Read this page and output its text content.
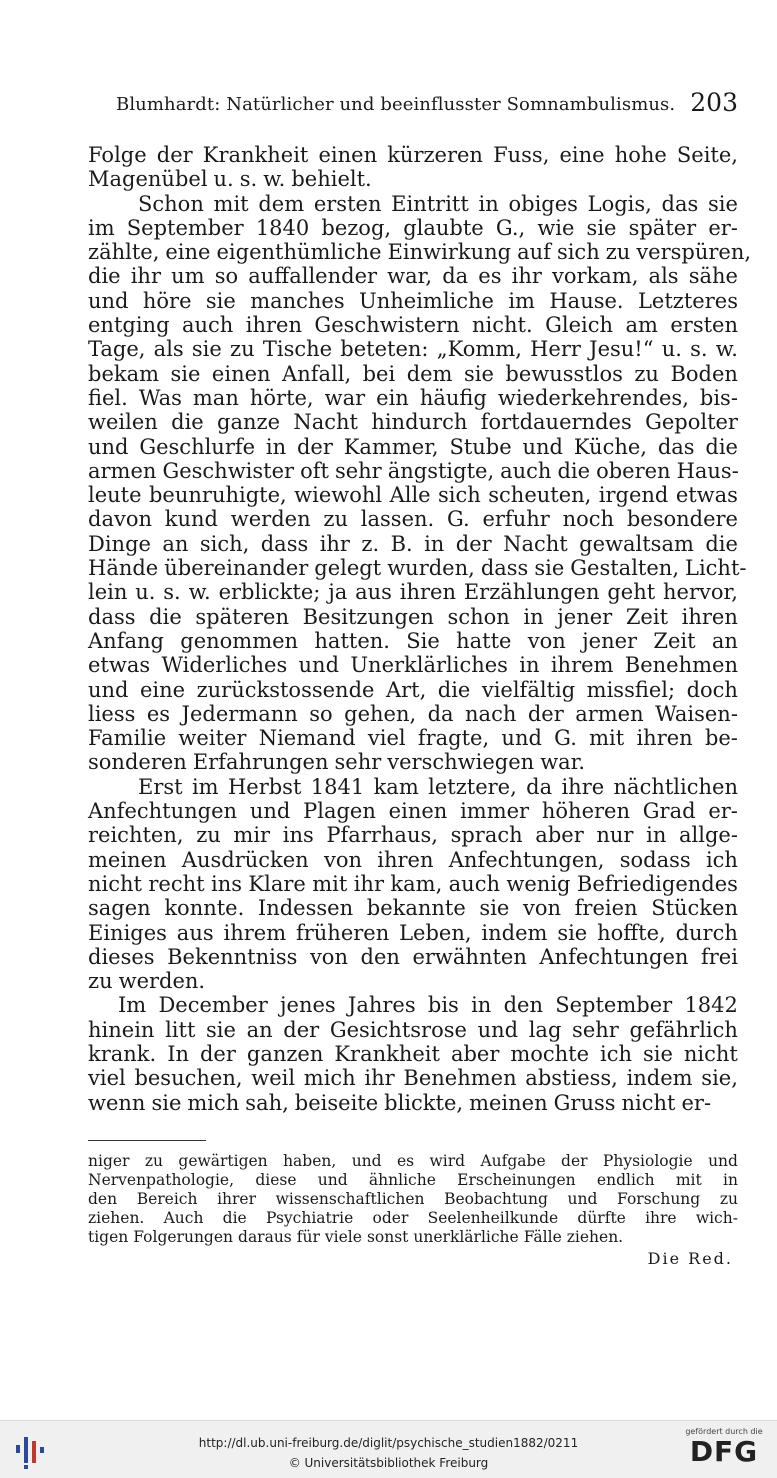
Blumhardt: Natürlicher und beeinflusster Somnambulismus. 203
Folge der Krankheit einen kürzeren Fuss, eine hohe Seite,
Magenübel u. s. w. behielt.
Schon mit dem ersten Eintritt in obiges Logis, das sie
im September 1840 bezog, glaubte G., wie sie später er-
zählte, eine eigenthümliche Einwirkung auf sich zu verspüren,
die ihr um so auffallender war, da es ihr vorkam, als sähe
und höre sie manches Unheimliche im Hause. Letzteres
entging auch ihren Geschwistern nicht. Gleich am ersten
Tage, als sie zu Tische beteten: „Komm, Herr Jesu!“ u. s. w.
bekam sie einen Anfall, bei dem sie bewusstlos zu Boden
fiel. Was man hörte, war ein häufig wiederkehrendes, bis-
weilen die ganze Nacht hindurch fortdauerndes Gepolter
und Geschlurfe in der Kammer, Stube und Küche, das die
armen Geschwister oft sehr ängstigte, auch die oberen Haus-
leute beunruhigte, wiewohl Alle sich scheuten, irgend etwas
davon kund werden zu lassen. G. erfuhr noch besondere
Dinge an sich, dass ihr z. B. in der Nacht gewaltsam die
Hände übereinander gelegt wurden, dass sie Gestalten, Licht-
lein u. s. w. erblickte; ja aus ihren Erzählungen geht hervor,
dass die späteren Besitzungen schon in jener Zeit ihren
Anfang genommen hatten. Sie hatte von jener Zeit an
etwas Widerliches und Unerklärliches in ihrem Benehmen
und eine zurückstossende Art, die vielfältig missfiel; doch
liess es Jedermann so gehen, da nach der armen Waisen-
Familie weiter Niemand viel fragte, und G. mit ihren be-
sonderen Erfahrungen sehr verschwiegen war.
Erst im Herbst 1841 kam letztere, da ihre nächtlichen
Anfechtungen und Plagen einen immer höheren Grad er-
reichten, zu mir ins Pfarrhaus, sprach aber nur in allge-
meinen Ausdrücken von ihren Anfechtungen, sodass ich
nicht recht ins Klare mit ihr kam, auch wenig Befriedigendes
sagen konnte. Indessen bekannte sie von freien Stücken
Einiges aus ihrem früheren Leben, indem sie hoffte, durch
dieses Bekenntniss von den erwähnten Anfechtungen frei
zu werden.
Im December jenes Jahres bis in den September 1842
hinein litt sie an der Gesichtsrose und lag sehr gefährlich
krank. In der ganzen Krankheit aber mochte ich sie nicht
viel besuchen, weil mich ihr Benehmen abstiess, indem sie,
wenn sie mich sah, beiseite blickte, meinen Gruss nicht er-
niger zu gewärtigen haben, und es wird Aufgabe der Physiologie und
Nervenpathologie, diese und ähnliche Erscheinungen endlich mit in
den Bereich ihrer wissenschaftlichen Beobachtung und Forschung zu
ziehen. Auch die Psychiatrie oder Seelenheilkunde dürfte ihre wich-
tigen Folgerungen daraus für viele sonst unerklärliche Fälle ziehen.
Die Red.
http://dl.ub.uni-freiburg.de/diglit/psychische_studien1882/0211
© Universitätsbibliothek Freiburg
gefördert durch die
DFG
